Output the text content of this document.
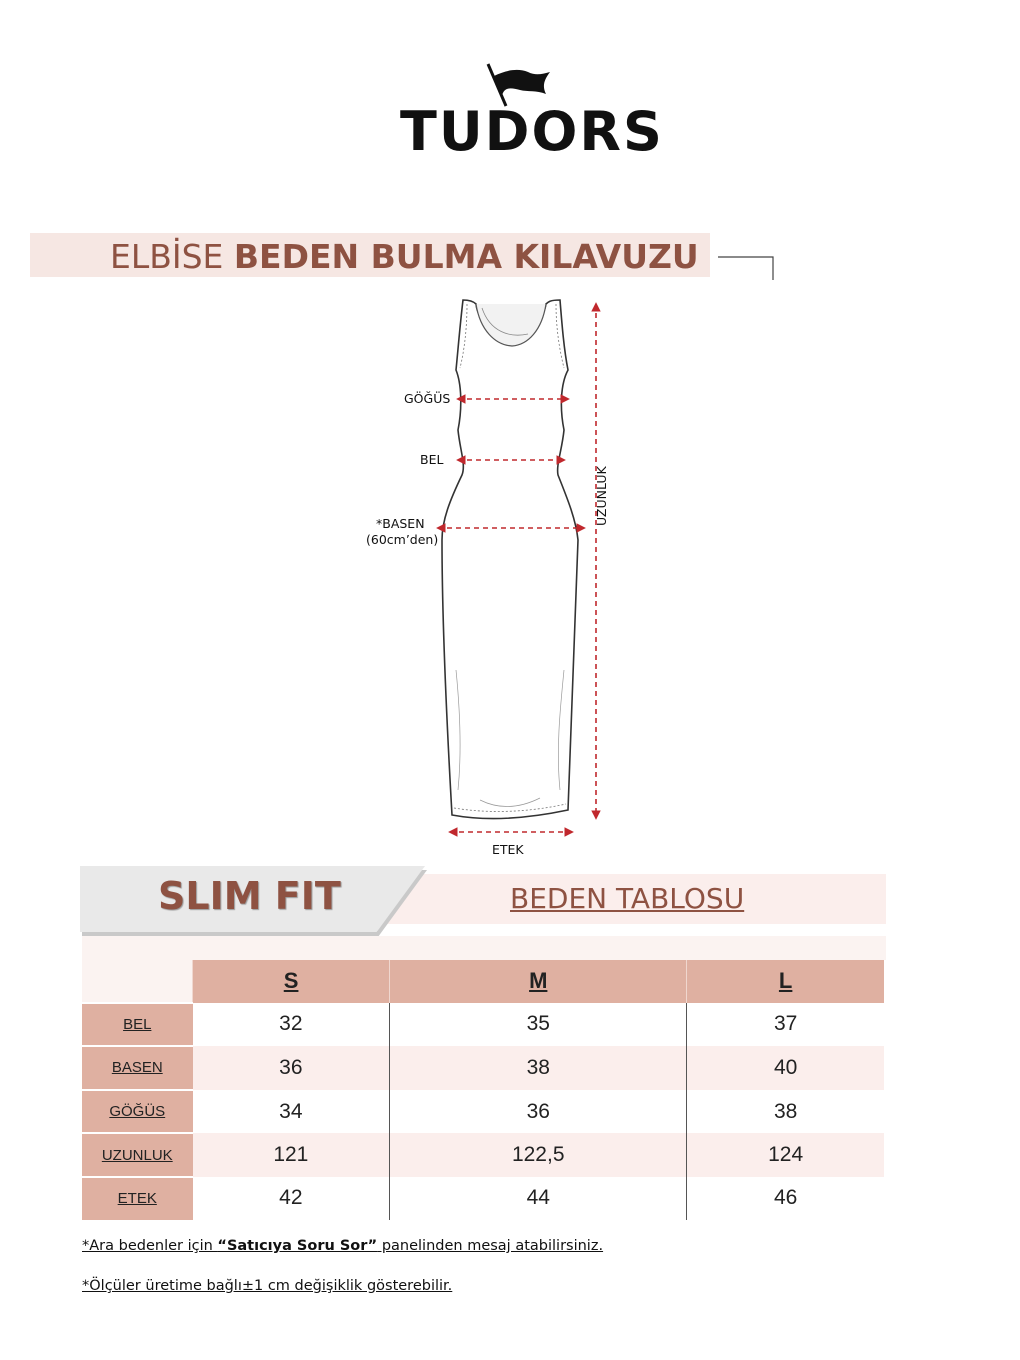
TUDORS
ELBİSE BEDEN BULMA KILAVUZU
GÖĞÜS
BEL
*BASEN
(60cm’den)
UZUNLUK
ETEK
SLIM FIT	BEDEN TABLOSU
	S	M	L
BEL	32	35	37
BASEN	36	38	40
GÖĞÜS	34	36	38
UZUNLUK	121	122,5	124
ETEK	42	44	46
*Ara bedenler için “Satıcıya Soru Sor” panelinden mesaj atabilirsiniz.
*Ölçüler üretime bağlı±1 cm değişiklik gösterebilir.
